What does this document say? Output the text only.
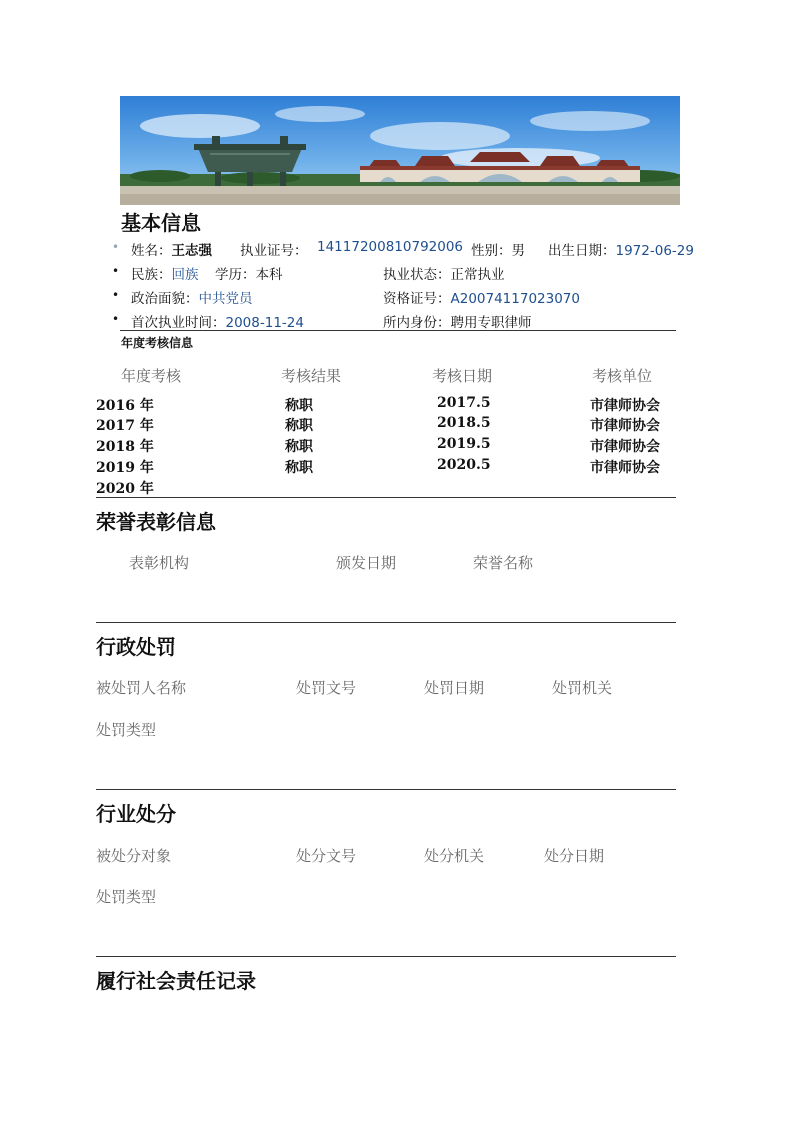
基本信息
• 姓名：王志强 执业证号： 14117200810792006 性别：男 出生日期：1972-06-29
• 民族：回族 学历：本科	执业状态：正常执业
• 政治面貌：中共党员	资格证号：A20074117023070
• 首次执业时间：2008-11-24	所内身份：聘用专职律师
年度考核信息
年度考核	考核结果	考核日期	考核单位
2016 年	称职	2017.5	市律师协会
2017 年	称职	2018.5	市律师协会
2018 年	称职	2019.5	市律师协会
2019 年	称职	2020.5	市律师协会
2020 年
荣誉表彰信息
表彰机构	颁发日期	荣誉名称
行政处罚
被处罚人名称	处罚文号	处罚日期	处罚机关
处罚类型
行业处分
被处分对象	处分文号	处分机关	处分日期
处罚类型
履行社会责任记录
